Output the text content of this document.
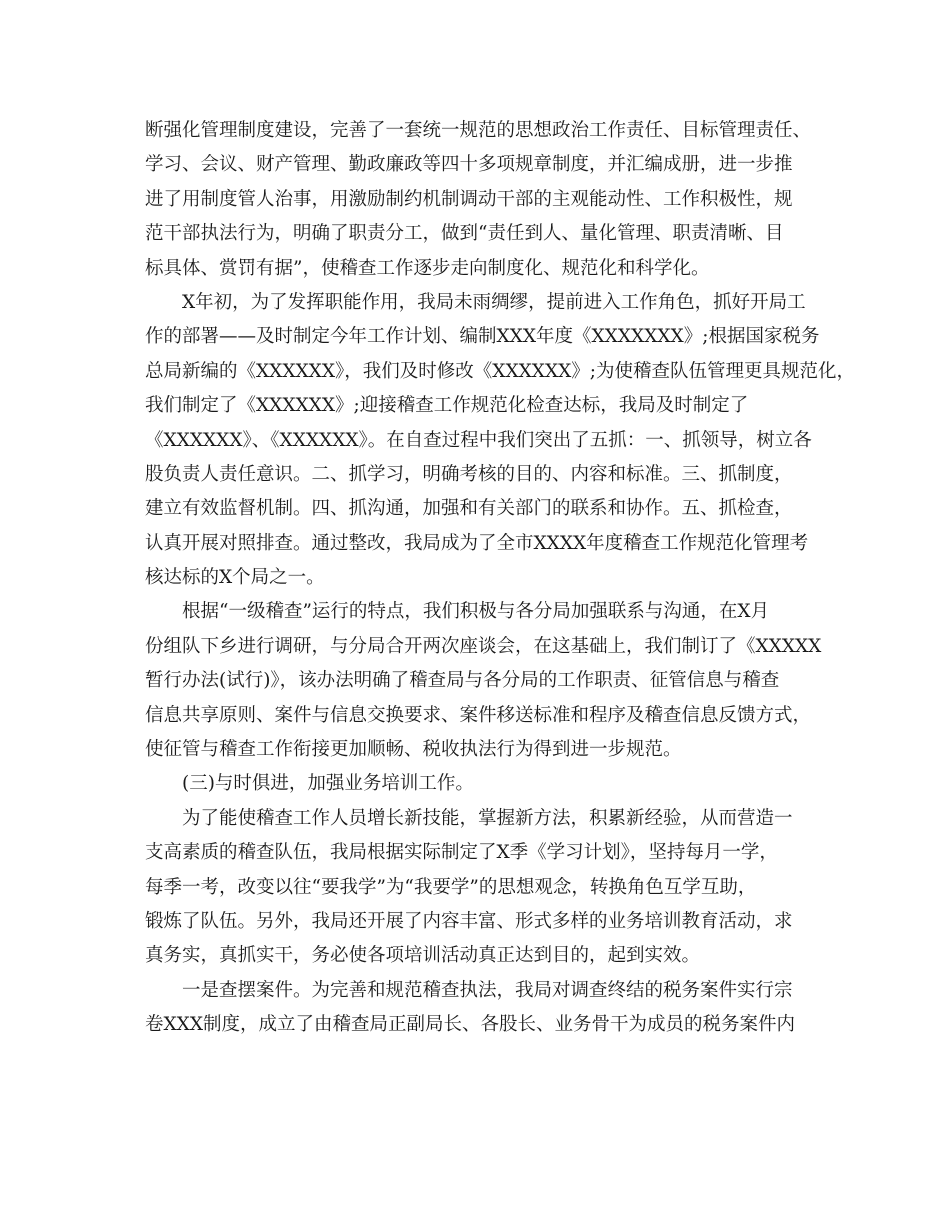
断强化管理制度建设，完善了一套统一规范的思想政治工作责任、目标管理责任、
学习、会议、财产管理、勤政廉政等四十多项规章制度，并汇编成册，进一步推
进了用制度管人治事，用激励制约机制调动干部的主观能动性、工作积极性，规
范干部执法行为，明确了职责分工，做到“责任到人、量化管理、职责清晰、目
标具体、赏罚有据”，使稽查工作逐步走向制度化、规范化和科学化。
X年初，为了发挥职能作用，我局未雨绸缪，提前进入工作角色，抓好开局工
作的部署——及时制定今年工作计划、编制XXX年度《XXXXXXX》;根据国家税务
总局新编的《XXXXXX》，我们及时修改《XXXXXX》;为使稽查队伍管理更具规范化，
我们制定了《XXXXXX》;迎接稽查工作规范化检查达标，我局及时制定了
《XXXXXX》、《XXXXXX》。在自查过程中我们突出了五抓：一、抓领导，树立各
股负责人责任意识。二、抓学习，明确考核的目的、内容和标准。三、抓制度，
建立有效监督机制。四、抓沟通，加强和有关部门的联系和协作。五、抓检查，
认真开展对照排查。通过整改，我局成为了全市XXXX年度稽查工作规范化管理考
核达标的X个局之一。
根据“一级稽查”运行的特点，我们积极与各分局加强联系与沟通，在X月
份组队下乡进行调研，与分局合开两次座谈会，在这基础上，我们制订了《XXXXX
暂行办法(试行)》，该办法明确了稽查局与各分局的工作职责、征管信息与稽查
信息共享原则、案件与信息交换要求、案件移送标准和程序及稽查信息反馈方式，
使征管与稽查工作衔接更加顺畅、税收执法行为得到进一步规范。
(三)与时俱进，加强业务培训工作。
为了能使稽查工作人员增长新技能，掌握新方法，积累新经验，从而营造一
支高素质的稽查队伍，我局根据实际制定了X季《学习计划》，坚持每月一学，
每季一考，改变以往“要我学”为“我要学”的思想观念，转换角色互学互助，
锻炼了队伍。另外，我局还开展了内容丰富、形式多样的业务培训教育活动，求
真务实，真抓实干，务必使各项培训活动真正达到目的，起到实效。
一是查摆案件。为完善和规范稽查执法，我局对调查终结的税务案件实行宗
卷XXX制度，成立了由稽查局正副局长、各股长、业务骨干为成员的税务案件内
